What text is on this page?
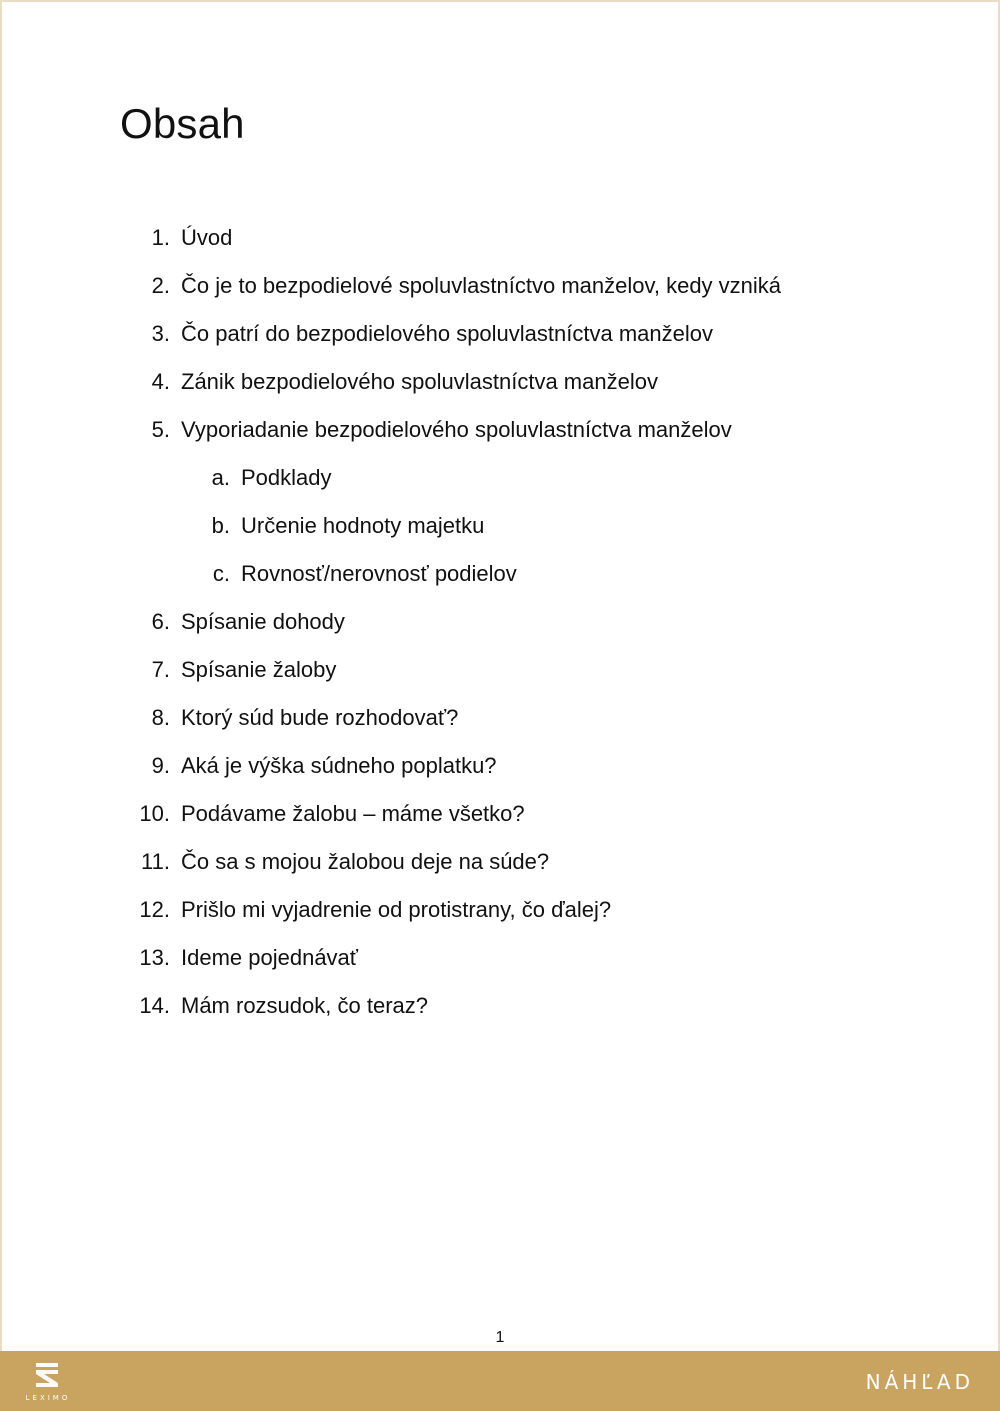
Obsah
1. Úvod
2. Čo je to bezpodielové spoluvlastníctvo manželov, kedy vzniká
3. Čo patrí do bezpodielového spoluvlastníctva manželov
4. Zánik bezpodielového spoluvlastníctva manželov
5. Vyporiadanie bezpodielového spoluvlastníctva manželov
a. Podklady
b. Určenie hodnoty majetku
c. Rovnosť/nerovnosť podielov
6. Spísanie dohody
7. Spísanie žaloby
8. Ktorý súd bude rozhodovať?
9. Aká je výška súdneho poplatku?
10. Podávame žalobu – máme všetko?
11. Čo sa s mojou žalobou deje na súde?
12. Prišlo mi vyjadrenie od protistrany, čo ďalej?
13. Ideme pojednávať
14. Mám rozsudok, čo teraz?
1
LEXIMO
NÁHĽAD
